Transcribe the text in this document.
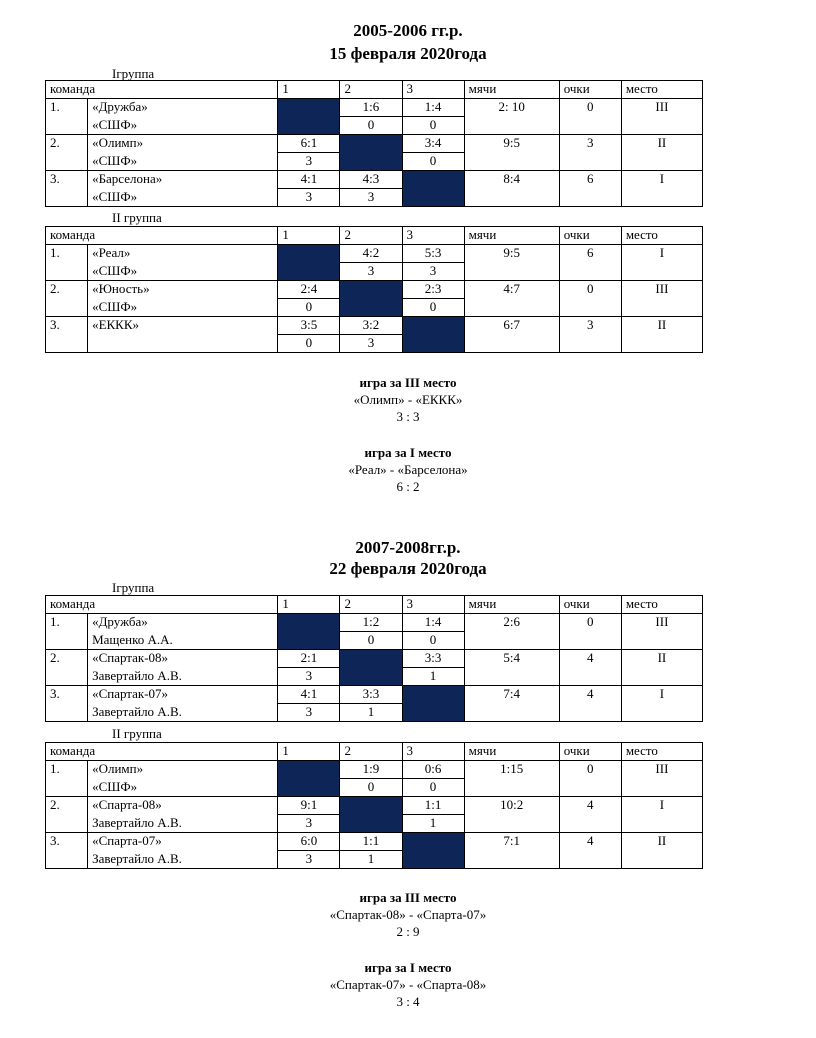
2005-2006 гг.р.
15 февраля 2020года
Iгруппа
команда		1	2	3	мячи	очки	место
1.	«Дружба»		1:6	1:4	2: 10	0	III
	«СШФ»		0	0			
2.	«Олимп»	6:1		3:4	9:5	3	II
	«СШФ»	3		0			
3.	«Барселона»	4:1	4:3		8:4	6	I
	«СШФ»	3	3				
II группа
команда		1	2	3	мячи	очки	место
1.	«Реал»		4:2	5:3	9:5	6	I
	«СШФ»		3	3			
2.	«Юность»	2:4		2:3	4:7	0	III
	«СШФ»	0		0			
3.	«ЕККК»	3:5	3:2		6:7	3	II
		0	3				
игра за III место
«Олимп» - «ЕККК»
3 : 3
игра за I место
«Реал» - «Барселона»
6 : 2
2007-2008гг.р.
22 февраля 2020года
Iгруппа
команда		1	2	3	мячи	очки	место
1.	«Дружба»		1:2	1:4	2:6	0	III
	Мащенко А.А.		0	0			
2.	«Спартак-08»	2:1		3:3	5:4	4	II
	Завертайло А.В.	3		1			
3.	«Спартак-07»	4:1	3:3		7:4	4	I
	Завертайло А.В.	3	1				
II группа
команда		1	2	3	мячи	очки	место
1.	«Олимп»		1:9	0:6	1:15	0	III
	«СШФ»		0	0			
2.	«Спарта-08»	9:1		1:1	10:2	4	I
	Завертайло А.В.	3		1			
3.	«Спарта-07»	6:0	1:1		7:1	4	II
	Завертайло А.В.	3	1				
игра за III место
«Спартак-08» - «Спарта-07»
2 : 9
игра за I место
«Спартак-07» - «Спарта-08»
3 : 4
